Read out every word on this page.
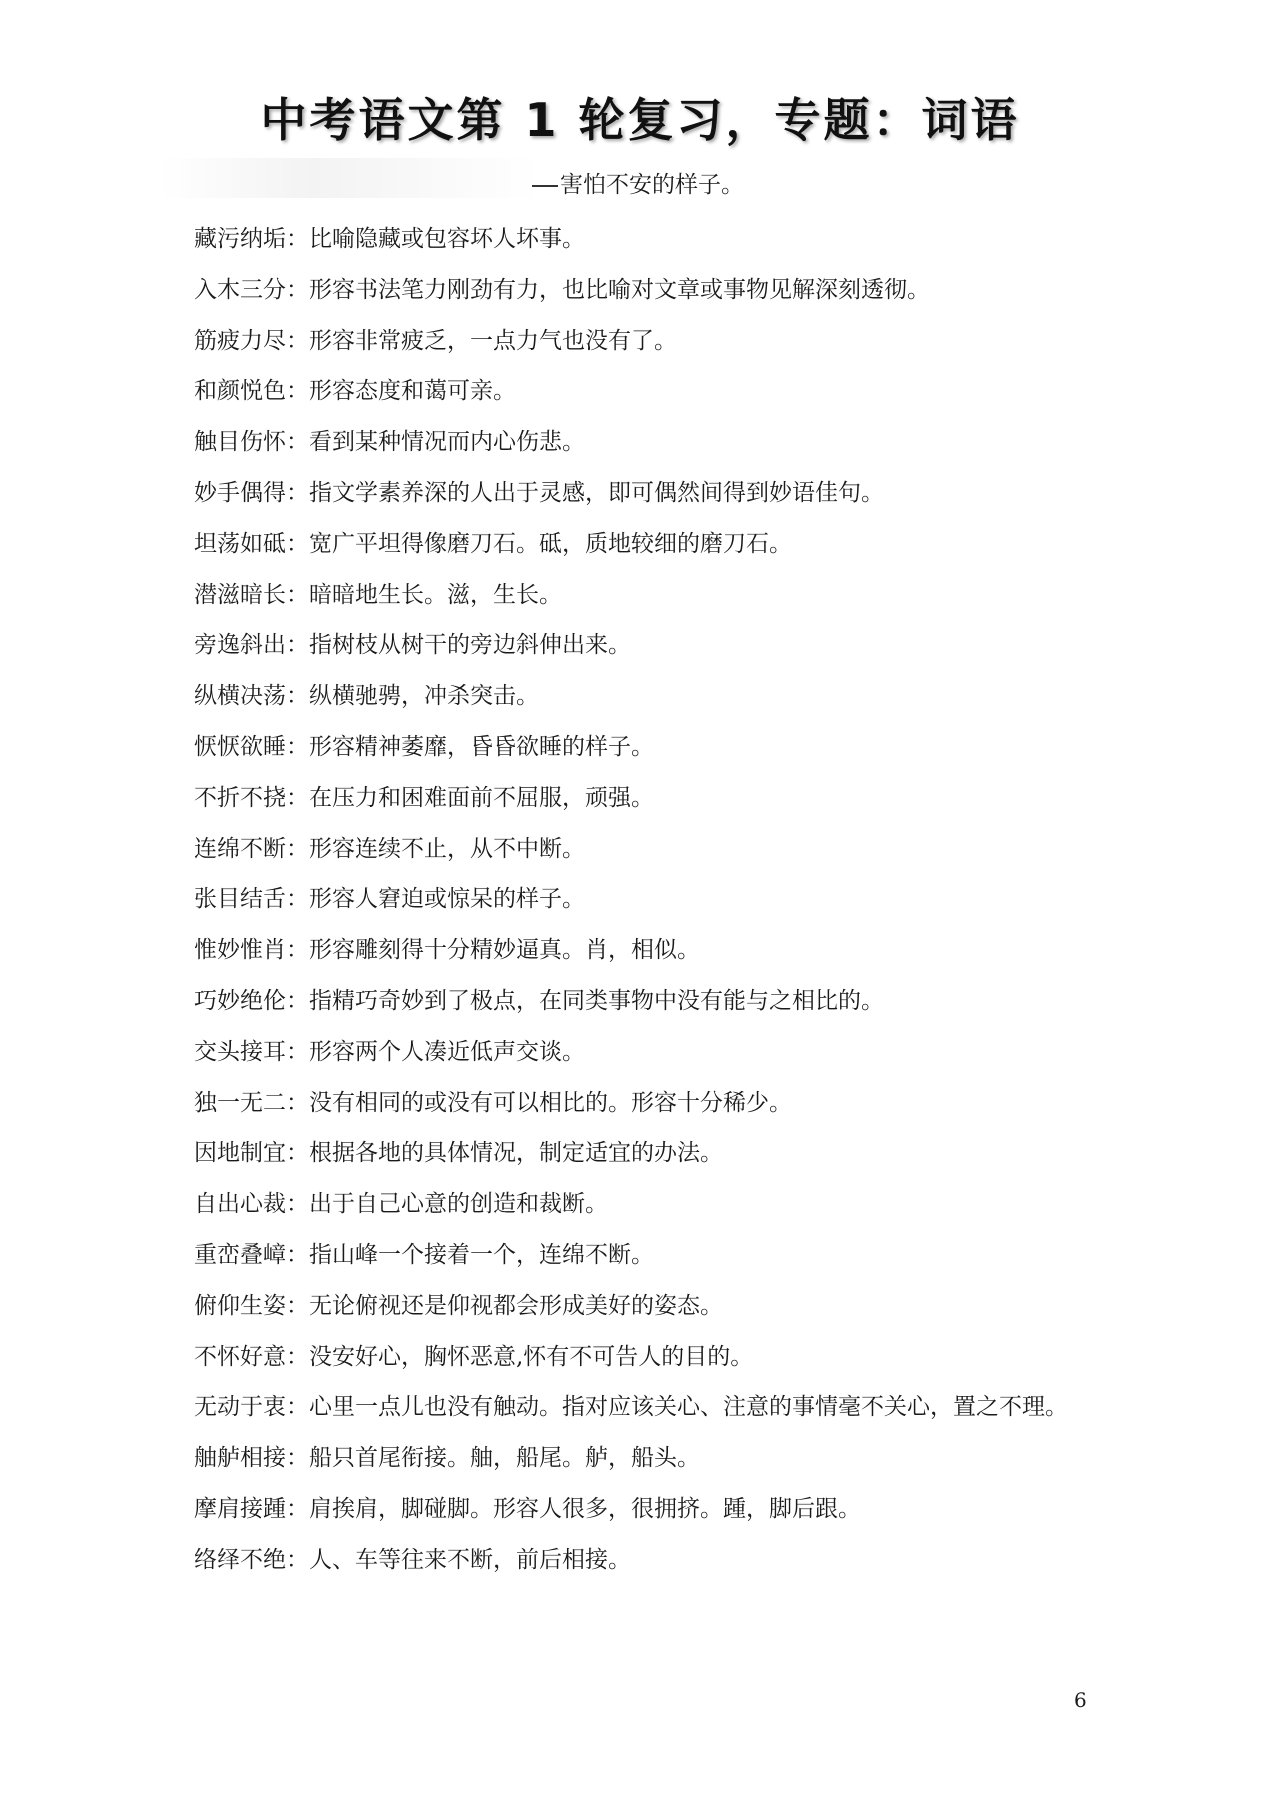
中考语文第 1 轮复习，专题：词语
害怕不安的样子。

藏污纳垢：比喻隐藏或包容坏人坏事。

入木三分：形容书法笔力刚劲有力，也比喻对文章或事物见解深刻透彻。

筋疲力尽：形容非常疲乏，一点力气也没有了。

和颜悦色：形容态度和蔼可亲。

触目伤怀：看到某种情况而内心伤悲。

妙手偶得：指文学素养深的人出于灵感，即可偶然间得到妙语佳句。

坦荡如砥：宽广平坦得像磨刀石。砥，质地较细的磨刀石。

潜滋暗长：暗暗地生长。滋，生长。

旁逸斜出：指树枝从树干的旁边斜伸出来。

纵横决荡：纵横驰骋，冲杀突击。

恹恹欲睡：形容精神萎靡，昏昏欲睡的样子。

不折不挠：在压力和困难面前不屈服，顽强。

连绵不断：形容连续不止，从不中断。

张目结舌：形容人窘迫或惊呆的样子。

惟妙惟肖：形容雕刻得十分精妙逼真。肖，相似。

巧妙绝伦：指精巧奇妙到了极点，在同类事物中没有能与之相比的。

交头接耳：形容两个人凑近低声交谈。

独一无二：没有相同的或没有可以相比的。形容十分稀少。

因地制宜：根据各地的具体情况，制定适宜的办法。

自出心裁：出于自己心意的创造和裁断。

重峦叠嶂：指山峰一个接着一个，连绵不断。

俯仰生姿：无论俯视还是仰视都会形成美好的姿态。

不怀好意：没安好心，胸怀恶意,怀有不可告人的目的。

无动于衷：心里一点儿也没有触动。指对应该关心、注意的事情毫不关心，置之不理。

舳舻相接：船只首尾衔接。舳，船尾。舻，船头。

摩肩接踵：肩挨肩，脚碰脚。形容人很多，很拥挤。踵，脚后跟。

络绎不绝：人、车等往来不断，前后相接。

6
